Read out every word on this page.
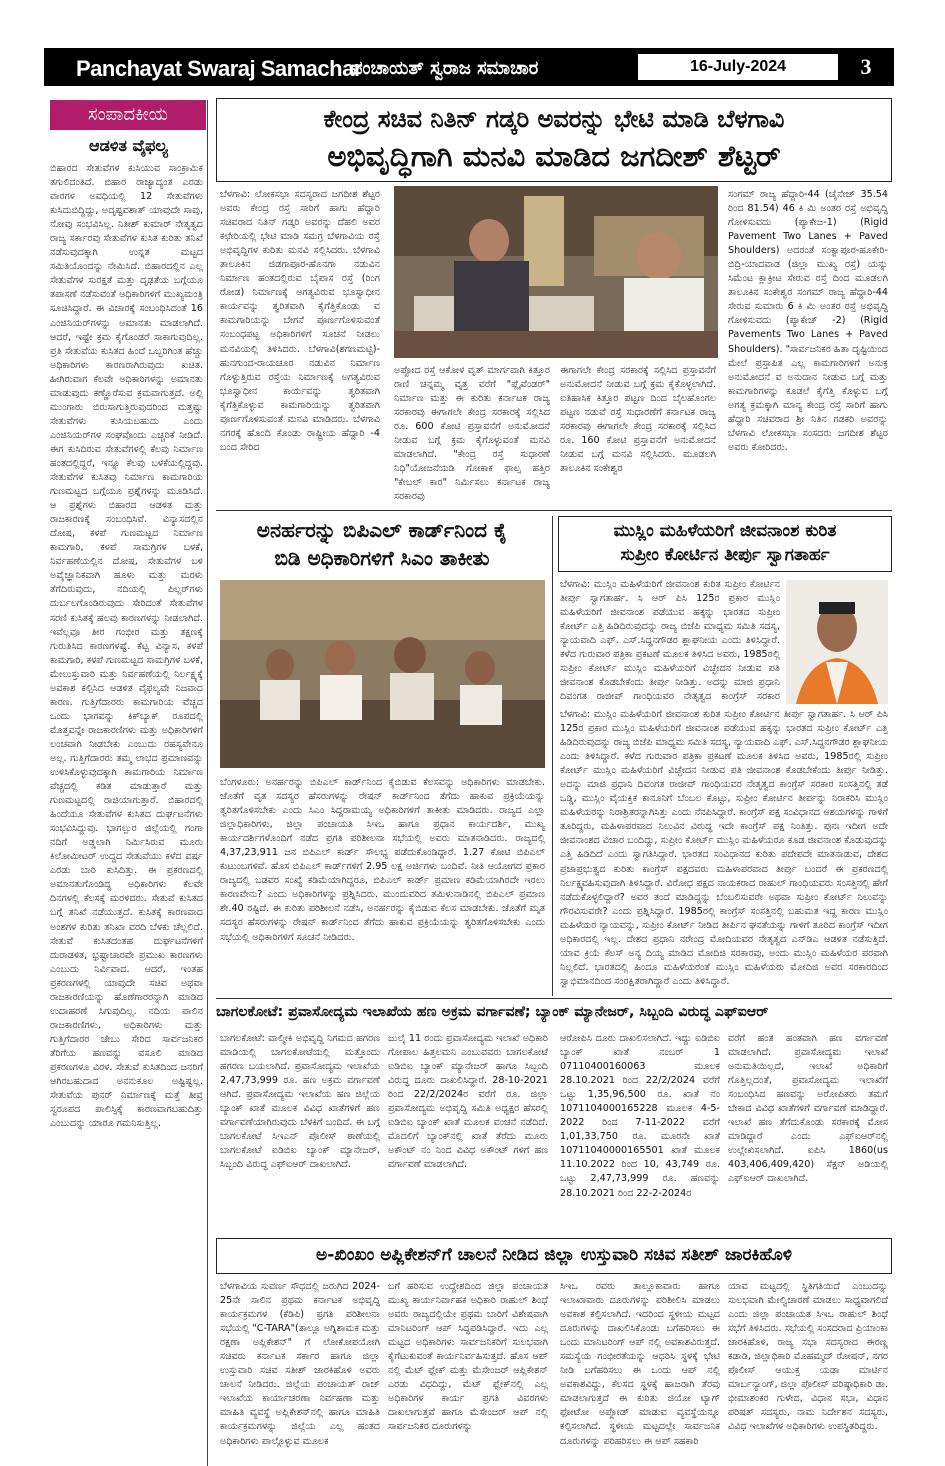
Panchayat Swaraj Samachar
ಪಂಚಾಯತ್ ಸ್ವರಾಜ ಸಮಾಚಾರ	16-July-2024	3
ಸಂಪಾದಕೀಯ
ಆಡಳಿತ ವೈಫಲ್ಯ
ಬಿಹಾರದ ಸೇತುವೆಗಳ ಕುಸಿಯುವ ಸಾಂಕ್ರಾಮಿಕ ತಗುಲಿದಂತಿದೆ. ಬಿಹಾರ ರಾಜ್ಯಾದ್ಯಂತ ಎರಡು ವಾರಗಳ ಅವಧಿಯಲ್ಲಿ 12 ಸೇತುವೆಗಳು ಕುಸಿದುಬಿದ್ದಿದ್ದು, ಅದೃಷ್ಟವಶಾತ್ ಯಾವುದೇ ಸಾವು, ನೋವು ಸಂಭವಿಸಿಲ್ಲ. ನಿತೀಶ್ ಕುಮಾರ್ ನೇತೃತ್ವದ ರಾಜ್ಯ ಸರ್ಕಾರವು ಸೇತುವೆಗಳ ಕುಸಿತ ಕುರಿತು ತನಿಖೆ ನಡೆಸುವುದಕ್ಕಾಗಿ ಉನ್ನತ ಮಟ್ಟದ ಸಮಿತಿಯೊಂದನ್ನು ನೇಮಿಸಿದೆ. ಬಿಹಾರದಲ್ಲಿನ ಎಲ್ಲ ಸೇತುವೆಗಳ ಸುರಕ್ಷತೆ ಮತ್ತು ದೃಢತೆಯ ಬಗ್ಗೆಯೂ ತಪಾಸಣೆ ನಡೆಸುವಂತೆ ಅಧಿಕಾರಿಗಳಿಗೆ ಮುಖ್ಯಮಂತ್ರಿ ಸೂಚಿಸಿದ್ದಾರೆ. ಈ ವಿಚಾರಕ್ಕೆ ಸಂಬಂಧಿಸಿದಂತೆ 16 ಎಂಜಿನಿಯರ್‌ಗಳನ್ನು ಅಮಾನತು ಮಾಡಲಾಗಿದೆ. ಆದರೆ, ಇಷ್ಟೇ ಕ್ರಮ ಕೈಗೊಂಡರೆ ಸಾಕಾಗುವುದಿಲ್ಲ. ಪ್ರತಿ ಸೇತುವೆಯ ಕುಸಿತದ ಹಿಂದೆ ಒಬ್ಬರಿಗಿಂತ ಹೆಚ್ಚು ಅಧಿಕಾರಿಗಳು ಕಾರಣರಾಗಿರುವುದು ಖಚಿತ. ಹೀಗಿರುವಾಗ ಕೆಲವೇ ಅಧಿಕಾರಿಗಳನ್ನು ಅಮಾನತು ಮಾಡುವುದು ಕಣ್ಣೊರೆಸುವ ಕ್ರಮವಾಗುತ್ತದೆ. ಅಲ್ಲಿ ಮುಂಗಾರು ಬಿರುಸಾಗುತ್ತಿರುವುದರಿಂದ ಮತ್ತಷ್ಟು ಸೇತುವೆಗಳು ಕುಸಿಯಬಹುದು ಎಂದು ಎಂಜಿನಿಯರ್‌ಗಳ ಸಂಘವೊಂದು ಎಚ್ಚರಿಕೆ ನೀಡಿದೆ. ಈಗ ಕುಸಿದಿರುವ ಸೇತುವೆಗಳಲ್ಲಿ ಕೆಲವು ನಿರ್ಮಾಣ ಹಂತದಲ್ಲಿದ್ದರೆ, ಇನ್ನೂ ಕೆಲವು ಬಳಕೆಯಲ್ಲಿದ್ದವು. ಸೇತುವೆಗಳ ಕುಸಿತವು ನಿರ್ಮಾಣ ಕಾಮಗಾರಿಯ ಗುಣಮಟ್ಟದ ಬಗ್ಗೆಯೂ ಪ್ರಶ್ನೆಗಳನ್ನು ಮೂಡಿಸಿದೆ. ಆ ಪ್ರಶ್ನೆಗಳು ಬಿಹಾರದ ಆಡಳಿತ ಮತ್ತು ರಾಜಕಾರಣಕ್ಕೆ ಸಂಬಂಧಿಸಿವೆ. ವಿನ್ಯಾಸದಲ್ಲಿನ ದೋಷ, ಕಳಪೆ ಗುಣಮಟ್ಟದ ನಿರ್ಮಾಣ ಕಾಮಗಾರಿ, ಕಳಪೆ ಸಾಮಗ್ರಿಗಳ ಬಳಕೆ, ನಿರ್ವಹಣೆಯಲ್ಲಿನ ದೋಷ, ಸೇತುವೆಗಳ ಬಳಿ ಅವೈಜ್ಞಾನಿಕವಾಗಿ ಹೂಳು ಮತ್ತು ಮರಳು ತೆಗೆದಿರುವುದು, ನದಿಯಲ್ಲಿ ಪಿಲ್ಲರ್‌ಗಳು ದುರ್ಬಲಗೊಂಡಿರುವುದು ಸೇರಿದಂತೆ ಸೇತುವೆಗಳ ಸರಣಿ ಕುಸಿತಕ್ಕೆ ಹಲವು ಕಾರಣಗಳನ್ನು ನೀಡಲಾಗಿದೆ. ಇವೆಲ್ಲವೂ ತೀರ ಗಂಭೀರ ಮತ್ತು ತಕ್ಷಣಕ್ಕೆ ಗುರುತಿಸಿದ ಕಾರಣಗಳಷ್ಟೆ. ಕೆಟ್ಟ ವಿನ್ಯಾಸ, ಕಳಪೆ ಕಾಮಗಾರಿ, ಕಳಪೆ ಗುಣಮಟ್ಟದ ಸಾಮಗ್ರಿಗಳ ಬಳಕೆ, ಮೇಲುಸ್ತುವಾರಿ ಮತ್ತು ನಿರ್ವಹಣೆಯಲ್ಲಿ ನಿರ್ಲಕ್ಷ್ಯಕ್ಕೆ ಅವಕಾಶ ಕಲ್ಪಿಸಿದ ಆಡಳಿತ ವೈಫಲ್ಯವೇ ನಿಜವಾದ ಕಾರಣ. ಗುತ್ತಿಗೆದಾರರು ಕಾಮಗಾರಿಯ ವೆಚ್ಚದ ಒಂದು ಭಾಗವನ್ನು ಕಿಕ್‌ಬ್ಯಾಕ್ ರೂಪದಲ್ಲಿ ಮೊತ್ತವನ್ನೇ ರಾಜಕಾರಣಿಗಳು ಮತ್ತು ಅಧಿಕಾರಿಗಳಿಗೆ ಲಂಚವಾಗಿ ನೀಡಬೇಕು ಎಂಬುದು ರಹಸ್ಯವೇನೂ ಅಲ್ಲ. ಗುತ್ತಿಗೆದಾರರು ತಮ್ಮ ಲಾಭದ ಪ್ರಮಾಣವನ್ನು ಉಳಿಸಿಕೊಳ್ಳುವುದಕ್ಕಾಗಿ ಕಾಮಗಾರಿಯ ನಿರ್ಮಾಣ ವೆಚ್ಚದಲ್ಲಿ ಕಡಿತ ಮಾಡುತ್ತಾರೆ ಮತ್ತು ಗುಣಮಟ್ಟದಲ್ಲಿ ರಾಜಿಯಾಗುತ್ತಾರೆ. ಬಿಹಾರದಲ್ಲಿ ಹಿಂದೆಯೂ ಸೇತುವೆಗಳ ಕುಸಿತದ ದುರ್ಘಟನೆಗಳು ಸಂಭವಿಸಿದ್ದುವು. ಭಾಗಲ್ಪುರ ಜಿಲ್ಲೆಯಲ್ಲಿ ಗಂಗಾ ನದಿಗೆ ಅಡ್ಡಲಾಗಿ ನಿರ್ಮಿಸಿರುವ ಮೂರು ಕಿಲೋಮೀಟರ್ ಉದ್ದದ ಸೇತುವೆಯು ಕಳೆದ ವರ್ಷ ಎರಡು ಬಾರಿ ಕುಸಿದಿತ್ತು. ಈ ಪ್ರಕರಣದಲ್ಲಿ ಅಮಾನತುಗೊಂಡಿದ್ದ ಅಧಿಕಾರಿಗಳು ಕೆಲವೇ ದಿನಗಳಲ್ಲಿ ಕೆಲಸಕ್ಕೆ ಮರಳಿದರು. ಸೇತುವೆ ಕುಸಿತದ ಬಗ್ಗೆ ತನಿಖೆ ನಡೆಯುತ್ತದೆ. ಕುಸಿತಕ್ಕೆ ಕಾರಣವಾದ ಅಂಶಗಳ ಕುರಿತು ತನಿಖಾ ವರದಿ ಬೆಳಕು ಚೆಲ್ಲಲಿದೆ. ಸೇತುವೆ ಕುಸಿತದಂತಹ ದುರ್ಘಟನೆಗಳಿಗೆ ದುರಾಡಳಿತ, ಭ್ರಷ್ಟಾಚಾರವೇ ಪ್ರಮುಖ ಕಾರಣಗಳು ಎಂಬುದು ನಿರ್ವಿವಾದ. ಆದರೆ, ಇಂತಹ ಪ್ರಕರಣಗಳಲ್ಲಿ ಯಾವುದೇ ಸಚಿವ ಅಥವಾ ರಾಜಕಾರಣಿಯನ್ನು ಹೊಣೆಗಾರರನ್ನಾಗಿ ಮಾಡಿದ ಉದಾಹರಣೆ ಸಿಗುವುದಿಲ್ಲ. ನದಿಯ ಪಾಲಿನ ರಾಜಕಾರಣಿಗಳು, ಅಧಿಕಾರಿಗಳು ಮತ್ತು ಗುತ್ತಿಗೆದಾರರ ಜೇಬು ಸೇರಿದ ಸಾರ್ವಜನಿಕರ ತೆರಿಗೆಯ ಹಣವನ್ನು ವಸೂಲಿ ಮಾಡಿದ ಪ್ರಕರಣಗಳೂ ವಿರಳ. ಸೇತುವೆ ಕುಸಿತದಿಂದ ಜನರಿಗೆ ಆಗಿರಬಹುದಾದ ಅನನುಕೂಲ ಅಷ್ಟಿಷ್ಟಲ್ಲ. ಸೇತುವೆಯ ಪುನರ್ ನಿರ್ಮಾಣಕ್ಕೆ ಮತ್ತೆ ತೀವ್ರ ಸ್ವರೂಪದ ಪಾಲಿಸ್ಸಿಕ್ಕೆ ಕಾರಣವಾಗಬಹುದಿತ್ತು ಎಂಬುದನ್ನು ಯಾರೂ ಗಮನಿಸುತ್ತಿಲ್ಲ.
ಕೇಂದ್ರ ಸಚಿವ ನಿತಿನ್ ಗಡ್ಕರಿ ಅವರನ್ನು ಭೇಟಿ ಮಾಡಿ ಬೆಳಗಾವಿ
ಅಭಿವೃದ್ಧಿಗಾಗಿ ಮನವಿ ಮಾಡಿದ ಜಗದೀಶ್ ಶೆಟ್ಟರ್
ಬೆಳಗಾವಿ: ಲೋಕಸಭಾ ಸದಸ್ಯರಾದ ಜಗದೀಶ ಶೆಟ್ಟರ ಅವರು ಕೇಂದ್ರ ರಸ್ತೆ ಸಾರಿಗೆ ಹಾಗು ಹೆದ್ದಾರಿ ಸಚಿವರಾದ ನಿತಿನ್ ಗಡ್ಕರಿ ಅವರನ್ನು ದೆಹಲಿ ಅವರ ಕಛೇರಿಯಲ್ಲಿ ಭೇಟಿ ಮಾಡಿ ಸಮಗ್ರ ಬೆಳಗಾವಿಯ ರಸ್ತೆ ಅಭಿವೃದ್ಧಿಗಳ ಕುರಿತು ಮನವಿ ಸಲ್ಲಿಸಿದರು. ಬೆಳಗಾವಿ ತಾಲೂಕಿನ ಜಿಡಗಾಪೂರ-ಹೊನಗಾ ನಡುವಿನ ನಿರ್ಮಾಣ ಹಂತದಲ್ಲಿರುವ ಬೈಪಾಸ ರಸ್ತೆ (ರಿಂಗ ರೋಡ) ನಿರ್ಮಾಣಕ್ಕೆ ಅಗತ್ಯವಿರುವ ಭೂಸ್ವಾಧೀನ ಕಾರ್ಯವನ್ನು ತ್ವರಿತವಾಗಿ ಕೈಗೆತ್ತಿಕೊಂಡು ವ ಕಾಮಗಾರಿಯನ್ನು ಬೇಗನೆ ಪೂರ್ಣಗೊಳಿಸುವಂತೆ ಸಂಬಂಧಪಟ್ಟ ಅಧಿಕಾರಿಗಳಿಗೆ ಸೂಚನೆ ನೀಡಲು ಮನವಿಯಲ್ಲಿ ತಿಳಿಸಿದರು. ಬೆಳಗಾವಿ(ಶಗಣಮಟ್ಟಿ)-ಹುನಗುಂದ-ರಾಯಚೂರ ನಡುವಿನ ನಿರ್ಮಾಣ ಗೊಳ್ಳುತ್ತಿರುವ ರಸ್ತೆಯ ನಿರ್ಮಾಣಕ್ಕೆ ಅಗತ್ಯವಿರುವ ಭೂಸ್ವಾಧೀನ ಕಾರ್ಯವನ್ನು ತ್ವರಿತವಾಗಿ ಕೈಗೆತ್ತಿಕೊಳ್ಳುವ ಕಾಮಗಾರಿಯನ್ನು ತ್ವರಿತವಾಗಿ ಪೂರ್ಣಗೊಳಿಸುವಂತೆ ಮನವಿ ಮಾಡಿದರು. ಬೆಳಗಾವಿ ನಗರಕ್ಕೆ ಹೊಂದಿ ಕೊಂಡು ರಾಷ್ಟ್ರೀಯ ಹೆದ್ದಾರಿ -4 ಬಂದ ಸೇರಿದ
ಅಪ್ಪೋದ ರಸ್ತೆ ಆಕೋಳ ವೃತ್ ಮಾರ್ಗವಾಗಿ ಕಿತ್ತೂರ ರಾಣಿ ಚನ್ನಮ್ಮ ವೃತ್ತ ವರೆಗೆ "ಪ್ಲೈವೆಂಡರ್" ನಿರ್ಮಾಣ ಮತ್ತು ಈ ಕುರಿತು ಕರ್ನಾಟಕ ರಾಜ್ಯ ಸರಕಾರವು ಈಗಾಗಲೇ ಕೇಂದ್ರ ಸರಕಾರಕ್ಕೆ ಸಲ್ಲಿಸಿದ ರೂ. 600 ಕೋಟಿ ಪ್ರಸ್ತಾವನೆಗೆ ಅನುಮೋದನೆ ನೀಡುವ ಬಗ್ಗೆ ಕ್ರಮ ಕೈಗೊಳ್ಳುವಂತೆ ಮನವಿ ಮಾಡಲಾಗಿದೆ. "ಕೇಂದ್ರ ರಸ್ತೆ ಸುಧಾರಣೆ ನಿಧಿ"ಯೋಜನೆಯಡಿ ಗೋಕಾಕ ಫಾಲ್ಸ ಹತ್ತಿರ "ಕೇಬಲ್ ಕಾರ" ನಿರ್ಮಿಸಲು ಕರ್ನಾಟಕ ರಾಜ್ಯ ಸರಕಾರವು
ಈಗಾಗಲೇ ಕೇಂದ್ರ ಸರಕಾರಕ್ಕೆ ಸಲ್ಲಿಸಿದ ಪ್ರಸ್ತಾವನೆಗೆ ಅನುಮೋದನೆ ನೀಡುವ ಬಗ್ಗೆ ಕ್ರಮ ಕೈಕೊಳ್ಳಲಾಗಿದೆ. ಐತಿಹಾಸಿಕ ಕಿತ್ತೂರ ಪಟ್ಟಣ ದಿಂದ ಬೈಲಹೊಂಗಲ ಪಟ್ಟಣ ನಡುವೆ ರಸ್ತೆ ಸುಧಾರಣೆಗೆ ಕರ್ನಾಟಕ ರಾಜ್ಯ ಸರಕಾರವು ಈಗಾಗಲೇ ಕೇಂದ್ರ ಸರಕಾರಕ್ಕೆ ಸಲ್ಲಿಸಿದ ರೂ. 160 ಕೋಟಿ ಪ್ರಸ್ತಾವನೆಗೆ ಅನುಮೋದನೆ ನೀಡುವ ಬಗ್ಗೆ ಮನವಿ ಸಲ್ಲಿಸಿದರು. ಮೂಡಲಗಿ ತಾಲೂಕಿನ ಸಂಕೇಶ್ವರ
ಸಂಗಮ್ ರಾಜ್ಯ ಹೆದ್ದಾರಿ-44 (ಚೈನೇಜ್ 35.54 ರಿಂದ 81.54) 46 ಕಿ ಮಿ ಅಂತರ ರಸ್ತೆ ಅಭಿವೃದ್ಧಿ ಗೋಳಿಸುವದು (ಪ್ಯಾಕೇಜ-1) (Rigid Pavement Two Lanes + Paved Shoulders) ಅದರಂತೆ ಸಂಕ್ವಾಪೂರ-ಹೂಕೇರಿ-ಬಿದ್ರಿ-ಯಾದವಾಡ (ಜಿಲ್ಲಾ ಮುಖ್ಯ ರಸ್ತೆ) ಯನ್ನು ಸಿಮೆಂಟ ಕ್ಲಾಕ್ರೀಟ ಸೇರುವ ರಸ್ತೆ ದಿಂದ ಮೂಡಲಗಿ ತಾಲೂಕಿನ ಸಂಕೇಶ್ವರ ಸಂಗಮ್ ರಾಜ್ಯ ಹೆದ್ದಾರಿ-44 ಸೇರುವ ಸುಮಾರು 6 ಕಿ ಮಿ ಅಂತರ ರಸ್ತೆ ಅಭಿವೃದ್ಧಿ ಗೋಳಿಸುವದು (ಪ್ಯಾಕೇಜ್ -2) (Rigid Pavements Two Lanes + Paved Shoulders). "ಸಾರ್ವಜನಿಕರ ಹಿತಾ ದೃಷ್ಟಿಯಿಂದ ಮೇಲೆ ಪ್ರಸ್ತಾಪಿತ ಎಲ್ಲ ಕಾಮಗಾರಿಗಳಿಗೆ ಅನುಕ್ರ ಅನುಮೋದನೆ ವ ಅನುದಾನ ನೀಡುವ ಬಗ್ಗೆ ಮತ್ತು ಕಾಮಗಾರಿಗಳನ್ನು ಕೂಡಲೆ ಕೈಗೆತ್ತಿ ಕೊಳ್ಳುವ ಬಗ್ಗೆ ಅಗತ್ಯ ಕ್ರಮಕ್ಕಾಗಿ ಮಾನ್ಯ ಕೇಂದ್ರ ರಸ್ತೆ ಸಾರಿಗೆ ಹಾಗು ಹೆದ್ದಾರಿ ಸಚಿವರಾದ ಶ್ರೀ ನಿತಿನ ಗಡಕರಿ ಅವರನ್ನು ಬೆಳಗಾವಿ ಲೋಕಸಭಾ ಸಂಸದರು ಜಗದೀಶ ಶೆಟ್ಟರ ಅವರು ಕೋರಿದರು.
ಅನರ್ಹರನ್ನು ಬಿಪಿಎಲ್ ಕಾರ್ಡ್‌ನಿಂದ ಕೈ
ಬಿಡಿ ಅಧಿಕಾರಿಗಳಿಗೆ ಸಿಎಂ ತಾಕೀತು
ಬೆಂಗಳೂರು: ಅನರ್ಹರನ್ನು ಬಿಪಿಎಲ್ ಕಾರ್ಡ್‌ನಿಂದ ಕೈಬಿಡುವ ಕೆಲಸವನ್ನು ಅಧಿಕಾರಿಗಳು ಮಾಡಬೇಕು. ಜೊತೆಗೆ ವೃತ ಸದಸ್ಯರ ಹೆಸರುಗಳನ್ನು ರೇಷನ್ ಕಾರ್ಡ್‌ನಿಂದ ತೆಗೆದು ಹಾಕುವ ಪ್ರಕ್ರಿಯೆಯನ್ನು ತ್ವರಿತಗೊಳಿಸಬೇಕು ಎಂದು ಸಿಎಂ ಸಿದ್ದರಾಮಯ್ಯ ಅಧಿಕಾರಿಗಳಿಗೆ ತಾಕೀತು ಮಾಡಿದರು. ರಾಜ್ಯದ ಎಲ್ಲಾ ಜಿಲ್ಲಾಧಿಕಾರಿಗಳು, ಜಿಲ್ಲಾ ಪಂಚಾಯತಿ ಸಿಇಒ ಹಾಗೂ ಪ್ರಧಾನ ಕಾರ್ಯದರ್ಶಿ, ಮುಖ್ಯ ಕಾರ್ಯದರ್ಶಿಗಳೊಂದಿಗೆ ನಡೆದ ಪ್ರಗತಿ ಪರಿಶೀಲನಾ ಸಭೆಯಲ್ಲಿ ಅವರು ಮಾತನಾಡಿದರು. ರಾಜ್ಯದಲ್ಲಿ 4,37,23,911 ಜನ ಬಿಪಿಎಲ್ ಕಾರ್ಡ್ ಸೌಲಭ್ಯ ಪಡೆದುಕೊಂಡಿದ್ದಾರೆ. 1.27 ಕೋಟಿ ಬಿಪಿಎಲ್ ಕುಟುಂಬಗಳಿವೆ. ಹೊಸ ಬಿಪಿಎಲ್ ಕಾರ್ಡ್‌ಗಳಿಗೆ 2.95 ಲಕ್ಷ ಅರ್ಜಿಗಳು ಬಂದಿವೆ. ನೀತಿ ಆಯೋಗದ ಪ್ರಕಾರ ರಾಜ್ಯದಲ್ಲಿ ಬಡವರ ಸಂಖ್ಯೆ ಕಡಿಮೆಯಾಗಿದ್ದರೂ, ಬಿಪಿಎಲ್ ಕಾರ್ಡ್ ಪ್ರಮಾಣ ಕಡಿಮೆಯಾಗಿರದೇ ಇರಲು ಕಾರಣವೇನು? ಎಂದು ಅಧಿಕಾರಿಗಳನ್ನು ಪ್ರಶ್ನಿಸಿದರು. ಮುಂದುವರಿದ ತಮಿಳುನಾಡಿನಲ್ಲಿ ಬಿಪಿಎಲ್ ಪ್ರಮಾಣ ಶೇ.40 ರಷ್ಟಿದೆ. ಈ ಕುರಿತು ಪರಿಶೀಲನೆ ನಡೆಸಿ, ಅನರ್ಹರನ್ನು ಕೈಬಿಡುವ ಕೆಲಸ ಮಾಡಬೇಕು. ಜೊತೆಗೆ ಮೃತ ಸದಸ್ಯರ ಹೆಸರುಗಳನ್ನು ರೇಷನ್ ಕಾರ್ಡ್‌ನಿಂದ ತೆಗೆದು ಹಾಕುವ ಪ್ರಕ್ರಿಯೆಯನ್ನು ತ್ವರಿತಗೊಳಿಸಬೇಕು ಎಂದು ಸಭೆಯಲ್ಲಿ ಅಧಿಕಾರಿಗಳಿಗೆ ಸೂಚನೆ ನೀಡಿದರು.
ಮುಸ್ಲಿಂ ಮಹಿಳೆಯರಿಗೆ ಜೀವನಾಂಶ ಕುರಿತ
ಸುಪ್ರೀಂ ಕೋರ್ಟಿನ ತೀರ್ಪು ಸ್ವಾಗತಾರ್ಹ
ಬೆಳಗಾವಿ: ಮುಸ್ಲಿಂ ಮಹಿಳೆಯರಿಗೆ ಜೀವನಾಂಶ ಕುರಿತ ಸುಪ್ರೀಂ ಕೋರ್ಟಿನ ತೀರ್ಪು ಸ್ವಾಗತಾರ್ಹ. ಸಿ ಆರ್ ಪಿಸಿ 125ರ ಪ್ರಕಾರ ಮುಸ್ಲಿಂ ಮಹಿಳೆಯರಿಗೆ ಜೀವನಾಂಶ ಪಡೆಯುವ ಹಕ್ಕನ್ನು ಭಾರತದ ಸುಪ್ರೀಂ ಕೋರ್ಟ್ ಎತ್ತಿ ಹಿಡಿದಿರುವುದನ್ನು ರಾಜ್ಯ ಬಿಜೆಪಿ ಮಾಧ್ಯಮ ಸಮಿತಿ ಸದಸ್ಯ, ನ್ಯಾಯವಾದಿ ಎಫ್. ಎಸ್.ಸಿದ್ದನಗೌಡರ ಶ್ಲಾಘನೀಯ ಎಂದು ತಿಳಿಸಿದ್ದಾರೆ. ಕಳೆದ ಗುರುವಾರ ಪತ್ರಿಕಾ ಪ್ರಕಟಣೆ ಮೂಲಕ ತಿಳಿಸಿದ ಅವರು, 1985ರಲ್ಲಿ ಸುಪ್ರೀಂ ಕೋರ್ಟ್ ಮುಸ್ಲಿಂ ಮಹಿಳೆಯರಿಗೆ ವಿಚ್ಛೇದನ ನೀಡುವ ಪತಿ ಜೀವನಾಂಶ ಕೊಡಬೇಕೆಂದು ತೀರ್ಪು ನೀಡಿತ್ತು. ಅದನ್ನು ಮಾಜಿ ಪ್ರಧಾನಿ ದಿವಂಗತ ರಾಜೀವ್ ಗಾಂಧಿಯವರ ನೇತೃತ್ವದ ಕಾಂಗ್ರೆಸ್ ಸರಕಾರ
ಬೆಳಗಾವಿ: ಮುಸ್ಲಿಂ ಮಹಿಳೆಯರಿಗೆ ಜೀವನಾಂಶ ಕುರಿತ ಸುಪ್ರೀಂ ಕೋರ್ಟಿನ ತೀರ್ಪು ಸ್ವಾಗತಾರ್ಹ. ಸಿ ಆರ್ ಪಿಸಿ 125ರ ಪ್ರಕಾರ ಮುಸ್ಲಿಂ ಮಹಿಳೆಯರಿಗೆ ಜೀವನಾಂಶ ಪಡೆಯುವ ಹಕ್ಕನ್ನು ಭಾರತದ ಸುಪ್ರೀಂ ಕೋರ್ಟ್ ಎತ್ತಿ ಹಿಡಿದಿರುವುದನ್ನು ರಾಜ್ಯ ಬಿಜೆಪಿ ಮಾಧ್ಯಮ ಸಮಿತಿ ಸದಸ್ಯ, ನ್ಯಾಯವಾದಿ ಎಫ್. ಎಸ್.ಸಿದ್ದನಗೌಡರ ಶ್ಲಾಘನೀಯ ಎಂದು ತಿಳಿಸಿದ್ದಾರೆ. ಕಳೆದ ಗುರುವಾರ ಪತ್ರಿಕಾ ಪ್ರಕಟಣೆ ಮೂಲಕ ತಿಳಿಸಿದ ಅವರು, 1985ರಲ್ಲಿ ಸುಪ್ರೀಂ ಕೋರ್ಟ್ ಮುಸ್ಲಿಂ ಮಹಿಳೆಯರಿಗೆ ವಿಚ್ಛೇದನ ನೀಡುವ ಪತಿ ಜೀವನಾಂಶ ಕೊಡಬೇಕೆಂದು ತೀರ್ಪು ನೀಡಿತ್ತು. ಅದನ್ನು ಮಾಜಿ ಪ್ರಧಾನಿ ದಿವಂಗತ ರಾಜೀವ್ ಗಾಂಧಿಯವರ ನೇತೃತ್ವದ ಕಾಂಗ್ರೆಸ್ ಸರಕಾರ ಸಂಸತ್ತಿನಲ್ಲಿ ತಡೆ ಒಡ್ಡಿ, ಮುಸ್ಲಿಂ ವೈಯಕ್ತಿಕ ಕಾನೂನಿಗೆ ಬೆಂಬಲ ಕೊಟ್ಟು, ಸುಪ್ರೀಂ ಕೋರ್ಟಿನ ತೀರ್ಪನ್ನು ನಿರಾಕರಿಸಿ ಮುಸ್ಲಿಂ ಮಹಿಳೆಯರನ್ನು ನಿರಾಶ್ರಿತರನ್ನಾಗಿಸಿತ್ತು ಎಂದು ನೆನಪಿಸಿದ್ದಾರೆ. ಕಾಂಗ್ರೆಸ್ ಪಕ್ಷ ಸಂವಿಧಾನದ ಆಶಯಗಳನ್ನು ಗಾಳಿಗೆ ತೂರಿದ್ದರು, ಮಹಿಳಾಪರವಾದ ನಿಲುವಿನ ವಿರುದ್ಧ ಇದೇ ಕಾಂಗ್ರೆಸ್ ಪಕ್ಷ ನಿಂತಿತ್ತು. ಪುನಃ ಇದೀಗ ಅದೇ ಜೀವನಾಂಶದ ವಿಚಾರ ಬಂದಿದ್ದು, ಸುಪ್ರೀಂ ಕೋರ್ಟ್ ಮುಸ್ಲಿಂ ಮಹಿಳೆಯರೂ ಕೂಡ ಜೀವನಾಂಶ ಕೊಡುವುದನ್ನು ಎತ್ತಿ ಹಿಡಿದಿದೆ ಎಂದು ಸ್ವಾಗತಿಸಿದ್ದಾರೆ. ಭಾರತದ ಸಂವಿಧಾನದ ಕುರಿತು ಪದೇಪದೇ ಮಾತನಾಡುವ, ದೇಶದ ಪ್ರಜಾಪ್ರಭುತ್ವದ ಕುರಿತು ಕಾಂಗ್ರೆಸ್ ಪಕ್ಷದವರು ಮಹಿಳಾಪರವಾದ ತೀರ್ಪು ಬಂದರೆ ಈ ಪ್ರಕರಣದಲ್ಲಿ ನಿರ್ಲಕ್ಷ್ಯವಹಿಸುವುದಾಗಿ ತಿಳಿಸಿದ್ದಾರೆ. ವಿರೋಧ ಪಕ್ಷದ ನಾಯಕರಾದ ರಾಹುಲ್ ಗಾಂಧಿಯವರು ಸಂಸತ್ತಿನಲ್ಲಿ ಹೇಗೆ ನಡೆದುಕೊಳ್ಳಲಿದ್ದಾರೆ? ಅವರ ತಂದೆ ಮಾಡಿದ್ದನ್ನು ಬೆಂಬಲಿಸುವರೇ ಅಥವಾ ಸುಪ್ರೀಂ ಕೋರ್ಟ್ ನಿಲುವನ್ನು ಗೌರವಿಸುವರೇ? ಎಂದು ಪ್ರಶ್ನಿಸಿದ್ದಾರೆ. 1985ರಲ್ಲಿ ಕಾಂಗ್ರೆಸ್ ಸಂಸತ್ತಿನಲ್ಲಿ ಬಹುಮತ ಇದ್ದ ಕಾರಣ ಮುಸ್ಲಿಂ ಮಹಿಳೆಯರ ನ್ಯಾಯವನ್ನು, ಸುಪ್ರೀಂ ಕೋರ್ಟ್ ನೀಡಿದ ತೀರ್ಪಿನ ಘನತೆಯನ್ನು ಗಾಳಿಗೆ ತೂರಿದ ಕಾಂಗ್ರೆಸ್ ಇದೀಗ ಅಧಿಕಾರದಲ್ಲಿ ಇಲ್ಲ. ದೇಶದ ಪ್ರಧಾನಿ ನರೇಂದ್ರ ಮೋದಿಯವರ ನೇತೃತ್ವದ ಎನ್‌ಡಿಎ ಆಡಳಿತ ನಡೆಸುತ್ತಿದೆ. ಯಾವ ಕ್ರಿಯೆ ಕೆಲಸ್ ಅನ್ಯ ದಿಯ್ಯ ಮಾಡಿದ ಮೋದಿಜಿ ಸರಕಾರವು, ಅಂದು ಮುಸ್ಲಿಂ ಮಹಿಳೆಯರ ಪರವಾಗಿ ನಿಲ್ಲಲಿದೆ. ಭಾರತದಲ್ಲಿ ಹಿಂದೂ ಮಹಿಳೆಯರಂತೆ ಮುಸ್ಲಿಂ ಮಹಿಳೆಯರು ಮೋದಿಜಿ ಅವರ ಸರಕಾರದಿಂದ ಸ್ವಾಭಿಮಾನದಿಂದ ಸಂರಕ್ಷಿತರಾಗಿದ್ದಾರೆ ಎಂದು ತಿಳಿಸಿದ್ದಾರೆ.
ಬಾಗಲಕೋಟೆ: ಪ್ರವಾಸೋದ್ಯಮ ಇಲಾಖೆಯ ಹಣ ಅಕ್ರಮ ವರ್ಗಾವಣೆ; ಬ್ಯಾಂಕ್ ಮ್ಯಾನೇಜರ್, ಸಿಬ್ಬಂದಿ ವಿರುದ್ಧ ಎಫ್ಐಆರ್
ಬಾಗಲಕೋಟೆ: ವಾಲ್ಮೀಕಿ ಅಭಿವೃದ್ಧಿ ನಿಗಮದ ಹಗರಣ ಮಾಡಿಯಲ್ಲಿ ಬಾಗಲಕೋಟೆಯಲ್ಲಿ ಮತ್ತೊಂದು ಹಗರಣ ಬಯಲಾಗಿದೆ. ಪ್ರವಾಸೋದ್ಯಮ ಇಲಾಖೆಯ 2,47,73,999 ರೂ. ಹಣ ಅಕ್ರಮ ವರ್ಗಾವಣೆ ಆಗಿದೆ. ಪ್ರವಾಸೋದ್ಯಮ ಇಲಾಖೆಯ ಹಣ ಜಿಲ್ಲೆಯ ಬ್ಯಾಂಕ್ ಖಾತೆ ಮೂಲಕ ವಿವಿಧ ಖಾತೆಗಳಿಗೆ ಹಣ ವರ್ಗಾವಣೆಯಾಗಿರುವುದು ಬೆಳಕಿಗೆ ಬಂದಿದೆ. ಈ ಬಗ್ಗೆ ಬಾಗಲಕೋಟೆ ಸಿಇಎನ್ ಪೊಲೀಸ್ ಠಾಣೆಯಲ್ಲಿ ಬಾಗಲಕೋಟೆ ಐಡಿಬಿಐ ಬ್ಯಾಂಕ್ ಮ್ಯಾನೇಜರ್, ಸಿಬ್ಬಂದಿ ವಿರುದ್ಧ ಎಫ್ಐಆರ್ ದಾಖಲಾಗಿದೆ.
ಜುಲೈ 11 ರಂದು ಪ್ರವಾಸೋದ್ಯಮ ಇಲಾಖೆ ಅಧಿಕಾರಿ ಗೋಪಾಲ ಹಿತ್ತಲಮನಿ ಎಂಬುವವರು ಬಾಗಲಕೋಟೆ ಐಡಿಬಿಐ ಬ್ಯಾಂಕ್ ಮ್ಯಾನೇಜರ್ ಹಾಗೂ ಸಿಬ್ಬಂದಿ ವಿರುದ್ಧ ದೂರು ದಾಖಲಿಸಿದ್ದಾರೆ. 28-10-2021 ರಿಂದ 22/2/2024ರ ವರೆಗೆ ರೂ. ಜಿಲ್ಲಾ ಪ್ರವಾಸೋದ್ಯಮ ಅಭಿವೃದ್ಧಿ ಸಮಿತಿ ಅಧ್ಯಕ್ಷರ ಹೆಸರಲ್ಲಿ ಐಡಿಬಿಐ ಬ್ಯಾಂಕ್ ಖಾತೆ ಮೂಲಕ ವಂಚನೆ ನಡೆದಿದೆ. ಮೊದಲಿಗೆ ಬ್ಯಾಂಕ್‌ನಲ್ಲಿ ಖಾತೆ ತೆರೆದು ಮೂರು ಅಕೌಂಟ್ ನಂ ನಿಂದ ವಿವಿಧ ಅಕೌಂಟ್ ಗಳಿಗೆ ಹಣ ವರ್ಗಾವಣೆ ಮಾಡಲಾಗಿದೆ.
ಆರೋಪಿಸಿ ದೂರು ದಾಖಲಿಸಲಾಗಿದೆ. ಇದ್ದು ಐಡಿಬಿಐ ಬ್ಯಾಂಕ್ ಖಾತೆ ನಂಬರ್ 1 07110400160063 ಮೂಲಕ 28.10.2021 ರಿಂದ 22/2/2024 ವರೆಗೆ ಒಟ್ಟು 1,35,96,500 ರೂ. ಖಾತೆ ನಂ 1071104000165228 ಮೂಲಕ 4-5-2022 ರಿಂದ 7-11-2022 ವರೆಗೆ 1,01,33,750 ರೂ. ಮೂರನೇ ಖಾತೆ 10711040000165501 ಖಾತೆ ಮೂಲಕ 11.10.2022 ರಿಂದ 10, 43,749 ರೂ. ಒಟ್ಟು 2,47,73,999 ರೂ. ಹಣವನ್ನು 28.10.2021 ರಿಂದ 22-2-2024ರ
ವರೆಗೆ ಹಂತ ಹಂತವಾಗಿ ಹಣ ವರ್ಗಾವಣೆ ಮಾಡಲಾಗಿದೆ. ಪ್ರವಾಸೋದ್ಯಮ ಇಲಾಖೆ ಅನುಮತಿಯಿಲ್ಲದೆ, ಇಲಾಖೆ ಅಧಿಕಾರಿಗೆ ಗೊತ್ತಿಲ್ಲದಂತೆ, ಪ್ರವಾಸೋದ್ಯಮ ಇಲಾಖೆಗೆ ಸಂಬಂಧಿಸಿದ ಹಣವನ್ನು ಅರೋಪಿತರು ತಮಗೆ ಬೇಕಾದ ವಿವಿಧ ಖಾತೆಗಳಿಗೆ ವರ್ಗಾವಣೆ ಮಾಡಿದ್ದಾರೆ. ಇಲಾಖೆ ಹಣ ತೆಗೆದುಕೊಂಡು ಸರಕಾರಕ್ಕೆ ಮೋಸ ಮಾಡಿದ್ದಾರೆ ಎಂದು ಎಫ್ಐಆರ್‌ನಲ್ಲಿ ಉಲ್ಲೇಖಿಸಲಾಗಿದೆ. ಐಪಿಸಿ 1860(us 403,406,409,420) ಸೆಕ್ಷನ್ ಅಡಿಯಲ್ಲಿ ಎಫ್ಐಆರ್ ದಾಖಲಾಗಿದೆ.
ಅ-ಖಿಂಖಂ ಅಪ್ಲಿಕೇಶನ್‌ಗೆ ಚಾಲನೆ ನೀಡಿದ ಜಿಲ್ಲಾ ಉಸ್ತುವಾರಿ ಸಚಿವ ಸತೀಶ್ ಜಾರಕಿಹೊಳಿ
ಬೆಳಗಾವಿಯ ಸುವರ್ಣ ಸೌಧದಲ್ಲಿ ಜರುಗಿದ 2024-25ನೇ ಸಾಲಿನ ಪ್ರಥಮ ಕರ್ನಾಟಕ ಅಭಿವೃದ್ಧಿ ಕಾರ್ಯಕ್ರಮಗಳ (ಕೆಡಿಪಿ) ಪ್ರಗತಿ ಪರಿಶೀಲನಾ ಸಭೆಯಲ್ಲಿ "C-TARA"(ತಾಲ್ಲೂ ಅಗ್ನಿಶಾಮಕ ಮತ್ತು ರಕ್ಷಣಾ ಅಪ್ಲಿಕೇಶನ್" ಗೆ ಲೋಕೋಪಯೋಗಿ ಸಚಿವರು ಕರ್ನಾಟಕ ಸರ್ಕಾರ ಹಾಗೂ ಜಿಲ್ಲಾ ಉಸ್ತುವಾರಿ ಸಚಿವ ಸತೀಶ್ ಜಾರಕಿಹೊಳಿ ಅವರು ಚಾಲನೆ ನೀಡಿದರು. ಜಿಲ್ಲೆಯ ಪಂಚಾಯತ್ ರಾಜ್ ಇಲಾಖೆಯ ಕಾರ್ಯಾಚರಣಾ ನಿರ್ವಹಣಾ ಮತ್ತು ಮಾಹಿತಿ ವ್ಯವಸ್ಥೆ ಅಪ್ಲಿಕೇಶನ್‌ನಲ್ಲಿ ಹಾಗೂ ಮಾಹಿತಿ ಕಾರ್ಯಕ್ರಮಗಳನ್ನು ಜಿಲ್ಲೆಯ ಎಲ್ಲ ಹಂತದ ಅಧಿಕಾರಿಗಳು ಪಾಲ್ಗೊಳ್ಳುವ ಮೂಲಕ
ಬಗೆ ಹರಿಸುವ ಉದ್ದೇಶದಿಂದ ಜಿಲ್ಲಾ ಪಂಚಾಯತ ಮುಖ್ಯ ಕಾರ್ಯನಿರ್ವಾಹಕ ಅಧಿಕಾರಿ ರಾಹುಲ್ ಶಿಂಧೆ ಅವರು ರಾಜ್ಯದಲ್ಲಿಯೇ ಪ್ರಥಮ ಬಾರಿಗೆ ವಿಶೇಷವಾಗಿ ಮಾನಿಟರಿಂಗ್ ಆಪ್ ಸಿದ್ಧಪಡಿಸಿದ್ದಾರೆ. ಇದು ಎಲ್ಲ ಮಟ್ಟದ ಅಧಿಕಾರಿಗಳು ಸಾರ್ವಜನಿಕರಿಗೆ ಸುಲಭವಾಗಿ ಕೈಗೆಟುಕುವಂತೆ ಕಾರ್ಯನಿರ್ವಹಿಸುತ್ತದೆ. ಹೊಸ ಆಪ್ ನಲ್ಲಿ ಮೆಟ್ ಫ್ಲೇಕ್ ಮತ್ತು ಮೆಸೇಂಜರ್ ಆಪ್ಲಿಕೇಶನ್ ಎರಡು ವಿಧದಿದ್ದು, ಮೆಟ್ ಫ್ಲೇಕ್‌ನಲ್ಲಿ ಎಲ್ಲ ಅಧಿಕಾರಿಗಳ ಕಾರ್ಯ ಪ್ರಗತಿ ವಿವರಗಳು ದಾಖಲಾಗುತ್ತವೆ ಹಾಗೂ ಮೆಸೇಂಜರ್ ಆಪ್ ನಲ್ಲಿ ಸಾರ್ವಜನಿಕರ ದೂರುಗಳನ್ನು
ಸಿಇಒ ರವರು ತಾಲ್ಲೂಕಾವಾರು ಹಾಗೂ ಇಲಾಖಾವಾರು ದೂರುಗಳನ್ನು ಪರಿಶೀಲಿಸಿ ಮಾಡಲು ಅವಕಾಶ ಕಲ್ಪಿಸಲಾಗಿದೆ. ಇದರಿಂದ ಸ್ಥಳೀಯ ಮಟ್ಟದ ದೂರುಗಳನ್ನು ದಾಖಲಿಸಿಕೊಂಡು ಬಗೆಹರಿಸಲು ಈ ಒಂದು ಮಾನಿಟರಿಂಗ್ ಆಪ್ ನಲ್ಲಿ ಅವಕಾಶವಿರುತ್ತದೆ. ಸಮಸ್ಯೆಯ ಗಂಭೀರತೆಯನ್ನು ಆಧರಿಸಿ ಸ್ಥಳಕ್ಕೆ ಭೇಟಿ ನೀಡಿ ಬಗೆಹರಿಸಲು ಈ ಒಂದು ಆಪ್ ನಲ್ಲಿ ಅವಕಾಶವಿದ್ದು, ಕೆಲಸದ ಸ್ಥಳಕ್ಕೆ ಹಾಜರಾಗಿ ತೆರವು ಮಾಡಲಾಗುತ್ತದೆ ಈ ಕುರಿತು ಜಿಯೋ ಟ್ಯಾಗ್ ಫೋಟೋ ಅಪ್ಲೋಡ್ ಮಾಡುವ ವ್ಯವಸ್ಥೆಯನ್ನೂ ಕಲ್ಪಿಸಲಾಗಿದೆ. ಸ್ಥಳೀಯ ಮಟ್ಟದಲ್ಲೇ ಸಾರ್ವಜನಿಕ ದೂರುಗಳನ್ನು ಪರಿಹರಿಸಲು ಈ ಆಪ್ ಸಹಕಾರಿ
ಯಾವ ಮಟ್ಟದಲ್ಲಿ ಸ್ಥಿತಿಗತಿಯಿದೆ ಎಂಬುದನ್ನು ಸುಲಭವಾಗಿ ಮೇಲ್ವಿಚಾರಣೆ ಮಾಡಲು ಸಾಧ್ಯವಾಗಲಿದೆ ಎಂದು ಜಿಲ್ಲಾ ಪಂಚಾಯತ ಸಿಇಒ ರಾಹುಲ್ ಶಿಂಧೆ ಸಭೆಗೆ ತಿಳಿಸಿದರು. ಸಭೆಯಲ್ಲಿ ಸಂಸದರಾದ ಪ್ರಿಯಾಂಕಾ ಜಾರಕಿಹೊಳಿ, ರಾಜ್ಯ ಸಭಾ ಸದಸ್ಯರಾದ ಈರಣ್ಣ ಕಡಾಡಿ, ಜಿಲ್ಲಾಧಿಕಾರಿ ಮೊಹಮ್ಮದ್ ರೋಷನ್, ನಗರ ಪೊಲೀಸ್ ಆಯುಕ್ತ ಯಡಾ ಮಾರ್ಟಿನ ಮಾರ್ಬನ್ಯಾಂಗ್, ಜಿಲ್ಲಾ ಪೊಲೀಸ್ ವರಿಷ್ಠಾಧಿಕಾರಿ ಡಾ. ಭೀಮಾಶಂಕರ ಗುಳೇದ, ವಿಧಾನ ಸಭಾ, ವಿಧಾನ ಪರಿಷತ್ ಸದಸ್ಯರು, ನಾಮ ನಿರ್ದೇಶನ ಸದಸ್ಯರು, ವಿವಿಧ ಇಲಾಖೆಗಳ ಅಧಿಕಾರಿಗಳು ಉಪಸ್ಥಿತರಿದ್ದರು.
